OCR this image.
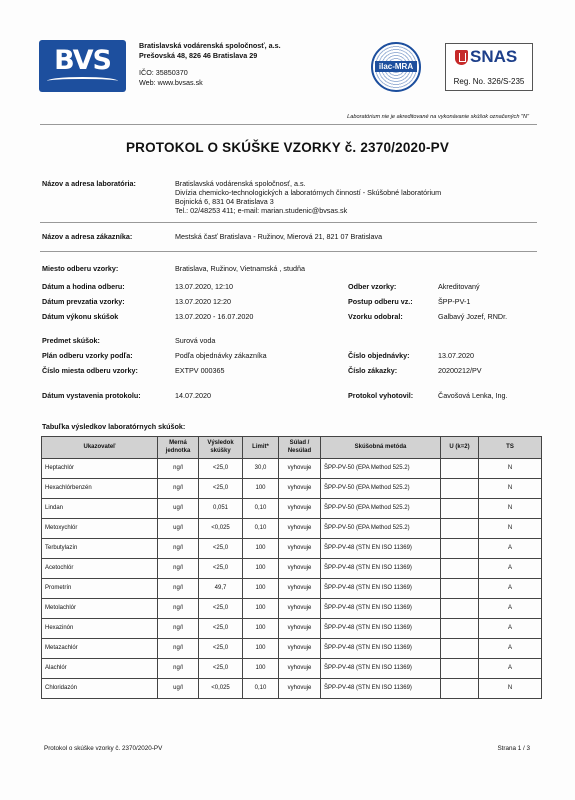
BVS	Bratislavská vodárenská spoločnosť, a.s.
Prešovská 48, 826 46 Bratislava 29
IČO: 35850370
Web: www.bvsas.sk
ilac-MRA
SNAS
Reg. No. 326/S-235
Laboratórium nie je akreditované na vykonávanie skúšok označených "N"
PROTOKOL O SKÚŠKE VZORKY č. 2370/2020-PV
Názov a adresa laboratória:	Bratislavská vodárenská spoločnosť, a.s.
Divízia chemicko-technologických a laboratórnych činností - Skúšobné laboratórium
Bojnická 6, 831 04 Bratislava 3
Tel.: 02/48253 411; e-mail: marian.studenic@bvsas.sk
Názov a adresa zákazníka:	Mestská časť Bratislava - Ružinov, Mierová 21, 821 07 Bratislava
Miesto odberu vzorky:	Bratislava, Ružinov, Vietnamská , studňa
Dátum a hodina odberu:	13.07.2020, 12:10	Odber vzorky:	Akreditovaný
Dátum prevzatia vzorky:	13.07.2020 12:20	Postup odberu vz.:	ŠPP-PV-1
Dátum výkonu skúšok	13.07.2020 - 16.07.2020	Vzorku odobral:	Galbavý Jozef, RNDr.
Predmet skúšok:	Surová voda
Plán odberu vzorky podľa:	Podľa objednávky zákazníka	Číslo objednávky:	13.07.2020
Číslo miesta odberu vzorky:	EXTPV 000365	Číslo zákazky:	20200212/PV
Dátum vystavenia protokolu:	14.07.2020	Protokol vyhotovil:	Čavošová Lenka, Ing.
Tabuľka výsledkov laboratórnych skúšok:
Ukazovateľ	Merná jednotka	Výsledok skúšky	Limit*	Súlad / Nesúlad	Skúšobná metóda	U (k=2)	TS
Heptachlór	ng/l	<25,0	30,0	vyhovuje	ŠPP-PV-50 (EPA Method 525.2)		N
Hexachlórbenzén	ng/l	<25,0	100	vyhovuje	ŠPP-PV-50 (EPA Method 525.2)		N
Lindan	ug/l	0,051	0,10	vyhovuje	ŠPP-PV-50 (EPA Method 525.2)		N
Metoxychlór	ug/l	<0,025	0,10	vyhovuje	ŠPP-PV-50 (EPA Method 525.2)		N
Terbutylazín	ng/l	<25,0	100	vyhovuje	ŠPP-PV-48 (STN EN ISO 11369)		A
Acetochlór	ng/l	<25,0	100	vyhovuje	ŠPP-PV-48 (STN EN ISO 11369)		A
Prometrín	ng/l	49,7	100	vyhovuje	ŠPP-PV-48 (STN EN ISO 11369)		A
Metolachlór	ng/l	<25,0	100	vyhovuje	ŠPP-PV-48 (STN EN ISO 11369)		A
Hexazinón	ng/l	<25,0	100	vyhovuje	ŠPP-PV-48 (STN EN ISO 11369)		A
Metazachlór	ng/l	<25,0	100	vyhovuje	ŠPP-PV-48 (STN EN ISO 11369)		A
Alachlór	ng/l	<25,0	100	vyhovuje	ŠPP-PV-48 (STN EN ISO 11369)		A
Chloridazón	ug/l	<0,025	0,10	vyhovuje	ŠPP-PV-48 (STN EN ISO 11369)		N
Protokol o skúške vzorky č. 2370/2020-PV	Strana 1 / 3
